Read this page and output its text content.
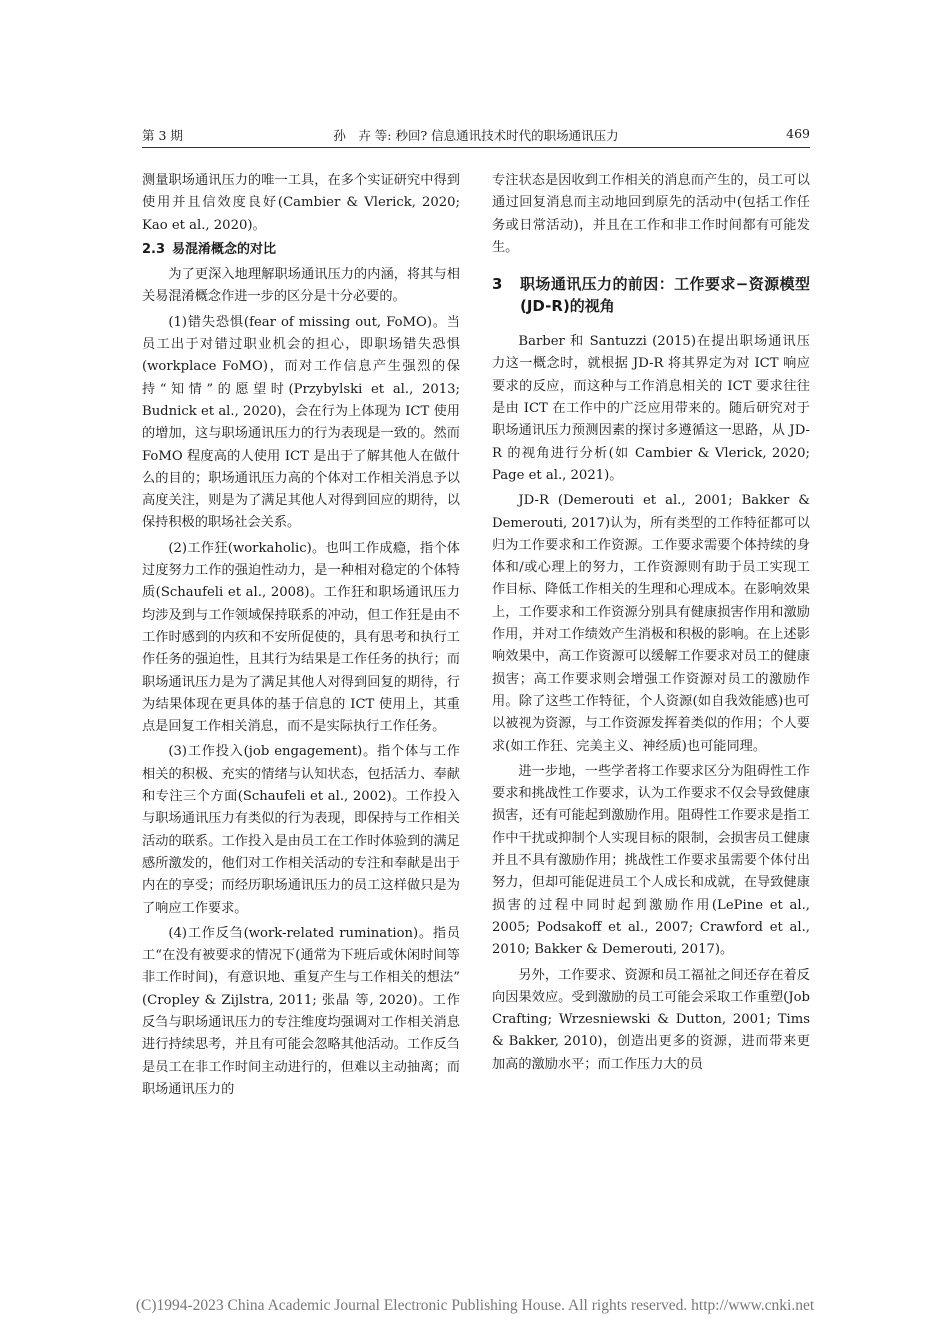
第 3 期	孙　卉 等: 秒回? 信息通讯技术时代的职场通讯压力	469

测量职场通讯压力的唯一工具，在多个实证研究中得到使用并且信效度良好(Cambier & Vlerick, 2020; Kao et al., 2020)。

2.3 易混淆概念的对比

为了更深入地理解职场通讯压力的内涵，将其与相关易混淆概念作进一步的区分是十分必要的。

(1)错失恐惧(fear of missing out, FoMO)。当员工出于对错过职业机会的担心，即职场错失恐惧(workplace FoMO)，而对工作信息产生强烈的保持“知情”的愿望时(Przybylski et al., 2013; Budnick et al., 2020)，会在行为上体现为 ICT 使用的增加，这与职场通讯压力的行为表现是一致的。然而 FoMO 程度高的人使用 ICT 是出于了解其他人在做什么的目的；职场通讯压力高的个体对工作相关消息予以高度关注，则是为了满足其他人对得到回应的期待，以保持积极的职场社会关系。

(2)工作狂(workaholic)。也叫工作成瘾，指个体过度努力工作的强迫性动力，是一种相对稳定的个体特质(Schaufeli et al., 2008)。工作狂和职场通讯压力均涉及到与工作领域保持联系的冲动，但工作狂是由不工作时感到的内疚和不安所促使的，具有思考和执行工作任务的强迫性，且其行为结果是工作任务的执行；而职场通讯压力是为了满足其他人对得到回复的期待，行为结果体现在更具体的基于信息的 ICT 使用上，其重点是回复工作相关消息，而不是实际执行工作任务。

(3)工作投入(job engagement)。指个体与工作相关的积极、充实的情绪与认知状态，包括活力、奉献和专注三个方面(Schaufeli et al., 2002)。工作投入与职场通讯压力有类似的行为表现，即保持与工作相关活动的联系。工作投入是由员工在工作时体验到的满足感所激发的，他们对工作相关活动的专注和奉献是出于内在的享受；而经历职场通讯压力的员工这样做只是为了响应工作要求。

(4)工作反刍(work-related rumination)。指员工“在没有被要求的情况下(通常为下班后或休闲时间等非工作时间)，有意识地、重复产生与工作相关的想法” (Cropley & Zijlstra, 2011; 张晶 等, 2020)。工作反刍与职场通讯压力的专注维度均强调对工作相关消息进行持续思考，并且有可能会忽略其他活动。工作反刍是员工在非工作时间主动进行的，但难以主动抽离；而职场通讯压力的

专注状态是因收到工作相关的消息而产生的，员工可以通过回复消息而主动地回到原先的活动中(包括工作任务或日常活动)，并且在工作和非工作时间都有可能发生。

3	职场通讯压力的前因：工作要求−资源模型(JD-R)的视角

Barber 和 Santuzzi (2015)在提出职场通讯压力这一概念时，就根据 JD-R 将其界定为对 ICT 响应要求的反应，而这种与工作消息相关的 ICT 要求往往是由 ICT 在工作中的广泛应用带来的。随后研究对于职场通讯压力预测因素的探讨多遵循这一思路，从 JD-R 的视角进行分析(如 Cambier & Vlerick, 2020; Page et al., 2021)。

JD-R (Demerouti et al., 2001; Bakker & Demerouti, 2017)认为，所有类型的工作特征都可以归为工作要求和工作资源。工作要求需要个体持续的身体和/或心理上的努力，工作资源则有助于员工实现工作目标、降低工作相关的生理和心理成本。在影响效果上，工作要求和工作资源分别具有健康损害作用和激励作用，并对工作绩效产生消极和积极的影响。在上述影响效果中，高工作资源可以缓解工作要求对员工的健康损害；高工作要求则会增强工作资源对员工的激励作用。除了这些工作特征，个人资源(如自我效能感)也可以被视为资源，与工作资源发挥着类似的作用；个人要求(如工作狂、完美主义、神经质)也可能同理。

进一步地，一些学者将工作要求区分为阻碍性工作要求和挑战性工作要求，认为工作要求不仅会导致健康损害，还有可能起到激励作用。阻碍性工作要求是指工作中干扰或抑制个人实现目标的限制，会损害员工健康并且不具有激励作用；挑战性工作要求虽需要个体付出努力，但却可能促进员工个人成长和成就，在导致健康损害的过程中同时起到激励作用(LePine et al., 2005; Podsakoff et al., 2007; Crawford et al., 2010; Bakker & Demerouti, 2017)。

另外，工作要求、资源和员工福祉之间还存在着反向因果效应。受到激励的员工可能会采取工作重塑(Job Crafting; Wrzesniewski & Dutton, 2001; Tims & Bakker, 2010)，创造出更多的资源，进而带来更加高的激励水平；而工作压力大的员

(C)1994-2023 China Academic Journal Electronic Publishing House. All rights reserved. http://www.cnki.net
